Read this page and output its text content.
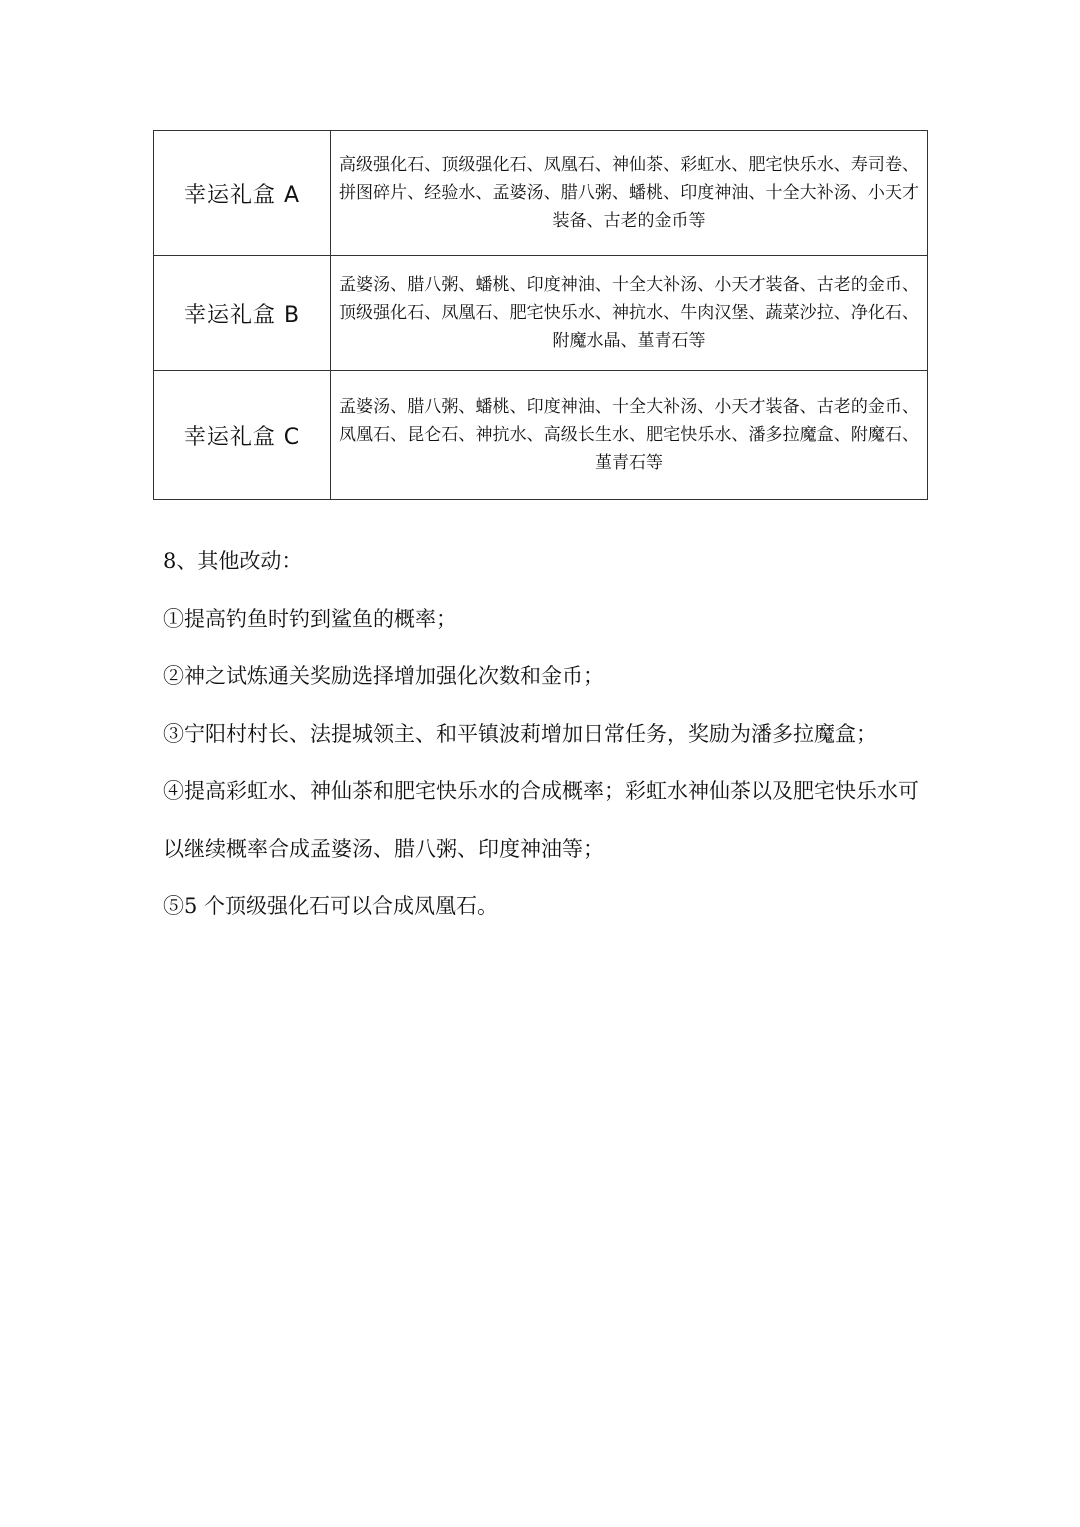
幸运礼盒 A	高级强化石、顶级强化石、凤凰石、神仙茶、彩虹水、肥宅快乐水、寿司卷、拼图碎片、经验水、孟婆汤、腊八粥、蟠桃、印度神油、十全大补汤、小天才装备、古老的金币等

幸运礼盒 B	孟婆汤、腊八粥、蟠桃、印度神油、十全大补汤、小天才装备、古老的金币、顶级强化石、凤凰石、肥宅快乐水、神抗水、牛肉汉堡、蔬菜沙拉、净化石、附魔水晶、堇青石等

幸运礼盒 C	孟婆汤、腊八粥、蟠桃、印度神油、十全大补汤、小天才装备、古老的金币、凤凰石、昆仑石、神抗水、高级长生水、肥宅快乐水、潘多拉魔盒、附魔石、堇青石等

8、其他改动：

①提高钓鱼时钓到鲨鱼的概率；

②神之试炼通关奖励选择增加强化次数和金币；

③宁阳村村长、法提城领主、和平镇波莉增加日常任务，奖励为潘多拉魔盒；

④提高彩虹水、神仙茶和肥宅快乐水的合成概率；彩虹水神仙茶以及肥宅快乐水可以继续概率合成孟婆汤、腊八粥、印度神油等；

⑤5 个顶级强化石可以合成凤凰石。
